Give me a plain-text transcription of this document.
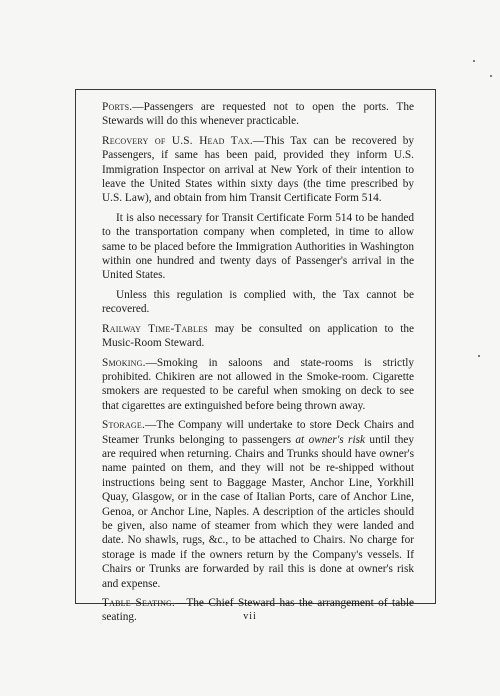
Ports.—Passengers are requested not to open the ports. The Stewards will do this whenever practicable.

Recovery of U.S. Head Tax.—This Tax can be recovered by Passengers, if same has been paid, provided they inform U.S. Immigration Inspector on arrival at New York of their intention to leave the United States within sixty days (the time prescribed by U.S. Law), and obtain from him Transit Certificate Form 514.

It is also necessary for Transit Certificate Form 514 to be handed to the transportation company when completed, in time to allow same to be placed before the Immigration Authorities in Washington within one hundred and twenty days of Passenger's arrival in the United States.

Unless this regulation is complied with, the Tax cannot be recovered.

Railway Time-Tables may be consulted on application to the Music-Room Steward.

Smoking.—Smoking in saloons and state-rooms is strictly prohibited. Chikiren are not allowed in the Smoke-room. Cigarette smokers are requested to be careful when smoking on deck to see that cigarettes are extinguished before being thrown away.

Storage.—The Company will undertake to store Deck Chairs and Steamer Trunks belonging to passengers at owner's risk until they are required when returning. Chairs and Trunks should have owner's name painted on them, and they will not be re-shipped without instructions being sent to Baggage Master, Anchor Line, Yorkhill Quay, Glasgow, or in the case of Italian Ports, care of Anchor Line, Genoa, or Anchor Line, Naples. A description of the articles should be given, also name of steamer from which they were landed and date. No shawls, rugs, &c., to be attached to Chairs. No charge for storage is made if the owners return by the Company's vessels. If Chairs or Trunks are forwarded by rail this is done at owner's risk and expense.

Table Seating.—The Chief Steward has the arrangement of table seating.	vii
